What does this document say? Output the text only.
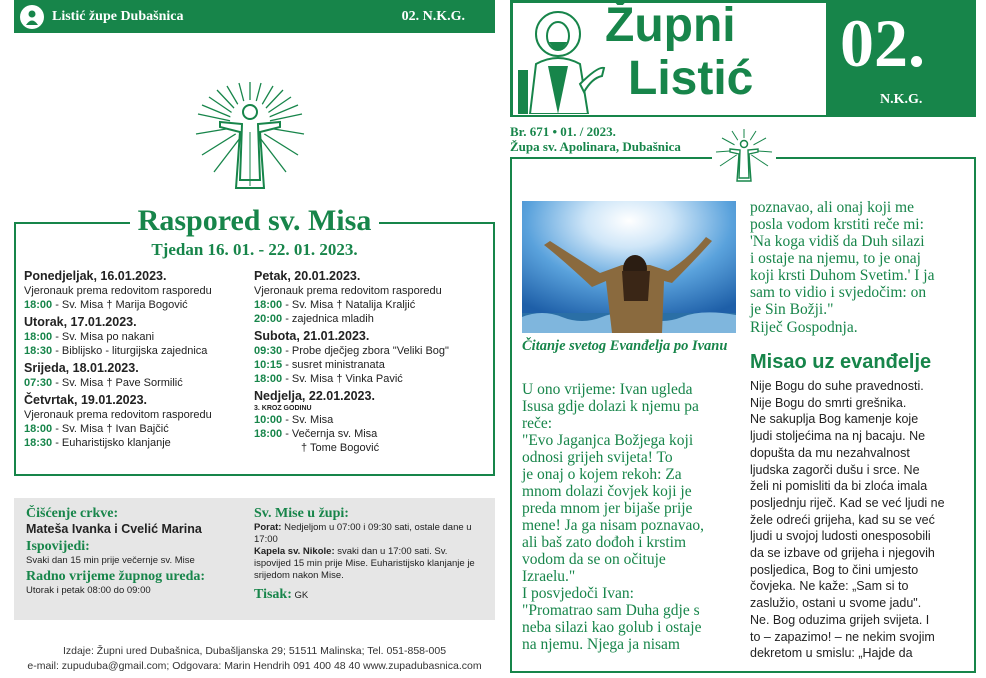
Listić župe Dubašnica	02. N.K.G.
Raspored sv. Misa
Tjedan 16. 01. - 22. 01. 2023.
Ponedjeljak, 16.01.2023.
Vjeronauk prema redovitom rasporedu
18:00 - Sv. Misa † Marija Bogović
Utorak, 17.01.2023.
18:00 - Sv. Misa po nakani
18:30 - Biblijsko - liturgijska zajednica
Srijeda, 18.01.2023.
07:30 - Sv. Misa † Pave Sormilić
Četvrtak, 19.01.2023.
Vjeronauk prema redovitom rasporedu
18:00 - Sv. Misa † Ivan Bajčić
18:30 - Euharistijsko klanjanje
Petak, 20.01.2023.
Vjeronauk prema redovitom rasporedu
18:00 - Sv. Misa † Natalija Kraljić
20:00 - zajednica mladih
Subota, 21.01.2023.
09:30 - Probe dječjeg zbora "Veliki Bog"
10:15 - susret ministranata
18:00 - Sv. Misa † Vinka Pavić
Nedjelja, 22.01.2023.
3. KROZ GODINU
10:00 - Sv. Misa
18:00 - Večernja sv. Misa
† Tome Bogović
Čišćenje crkve:
Mateša Ivanka i Cvelić Marina
Ispovijedi:
Svaki dan 15 min prije večernje sv. Mise
Radno vrijeme župnog ureda:
Utorak i petak 08:00 do 09:00
Sv. Mise u župi:
Porat: Nedjeljom u 07:00 i 09:30 sati, ostale dane u 17:00
Kapela sv. Nikole: svaki dan u 17:00 sati. Sv. ispovijed 15 min prije Mise. Euharistijsko klanjanje je srijedom nakon Mise.
Tisak: GK
Izdaje: Župni ured Dubašnica, Dubašljanska 29; 51511 Malinska; Tel. 051-858-005
e-mail: zupuduba@gmail.com; Odgovara: Marin Hendrih 091 400 48 40 www.zupadubasnica.com
Župni
Listić 02.
N.K.G.
Br. 671 • 01. / 2023.
Župa sv. Apolinara, Dubašnica
Čitanje svetog Evanđelja po Ivanu
U ono vrijeme: Ivan ugleda
Isusa gdje dolazi k njemu pa
reče:
"Evo Jaganjca Božjega koji
odnosi grijeh svijeta! To
je onaj o kojem rekoh: Za
mnom dolazi čovjek koji je
preda mnom jer bijaše prije
mene! Ja ga nisam poznavao,
ali baš zato dođoh i krstim
vodom da se on očituje
Izraelu."
I posvjedoči Ivan:
"Promatrao sam Duha gdje s
neba silazi kao golub i ostaje
na njemu. Njega ja nisam
poznavao, ali onaj koji me
posla vodom krstiti reče mi:
'Na koga vidiš da Duh silazi
i ostaje na njemu, to je onaj
koji krsti Duhom Svetim.' I ja
sam to vidio i svjedočim: on
je Sin Božji."
Riječ Gospodnja.
Misao uz evanđelje
Nije Bogu do suhe pravednosti.
Nije Bogu do smrti grešnika.
Ne sakuplja Bog kamenje koje
ljudi stoljećima na nj bacaju. Ne
dopušta da mu nezahvalnost
ljudska zagorči dušu i srce. Ne
želi ni pomisliti da bi zloća imala
posljednju riječ. Kad se već ljudi ne
žele odreći grijeha, kad su se već
ljudi u svojoj ludosti onesposobili
da se izbave od grijeha i njegovih
posljedica, Bog to čini umjesto
čovjeka. Ne kaže: „Sam si to
zaslužio, ostani u svome jadu".
Ne. Bog oduzima grijeh svijeta. I
to – zapazimo! – ne nekim svojim
dekretom u smislu: „Hajde da
